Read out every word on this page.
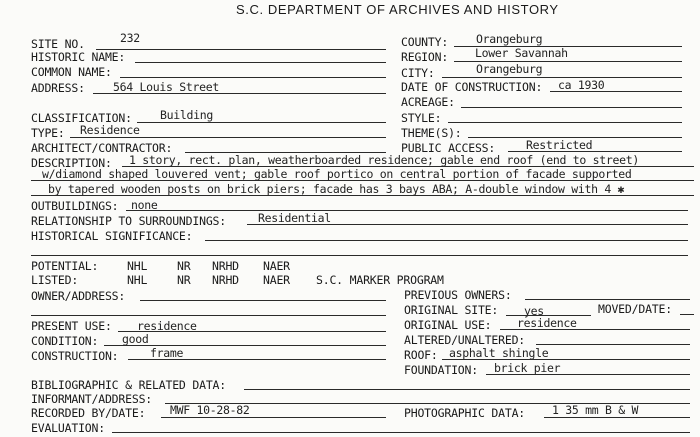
S.C. DEPARTMENT OF ARCHIVES AND HISTORY
SITE NO.	232
HISTORIC NAME:
COMMON NAME:
ADDRESS: 564 Louis Street
COUNTY: Orangeburg
REGION: Lower Savannah
CITY:	Orangeburg
DATE OF CONSTRUCTION: ca 1930
ACREAGE:
CLASSIFICATION: Building	STYLE:
TYPE: Residence	THEME(S):
ARCHITECT/CONTRACTOR:	PUBLIC ACCESS:	Restricted
DESCRIPTION: 1 story, rect. plan, weatherboarded residence; gable end roof (end to street)
w/diamond shaped louvered vent; gable roof portico on central portion of facade supported
by tapered wooden posts on brick piers; facade has 3 bays ABA; A-double window with 4 ✱
OUTBUILDINGS: none
RELATIONSHIP TO SURROUNDINGS:	Residential
HISTORICAL SIGNIFICANCE:
POTENTIAL:	NHL	NR NRHD NAER
LISTED:	NHL	NR NRHD NAER S.C. MARKER PROGRAM
OWNER/ADDRESS:	PREVIOUS OWNERS:
ORIGINAL SITE: yes	MOVED/DATE:
PRESENT USE: residence	ORIGINAL USE: residence
CONDITION: good	ALTERED/UNALTERED:
CONSTRUCTION:	frame	ROOF: asphalt shingle
FOUNDATION: brick pier
BIBLIOGRAPHIC & RELATED DATA:
INFORMANT/ADDRESS:
RECORDED BY/DATE: MWF 10-28-82	PHOTOGRAPHIC DATA: 1 35 mm B & W
EVALUATION:
